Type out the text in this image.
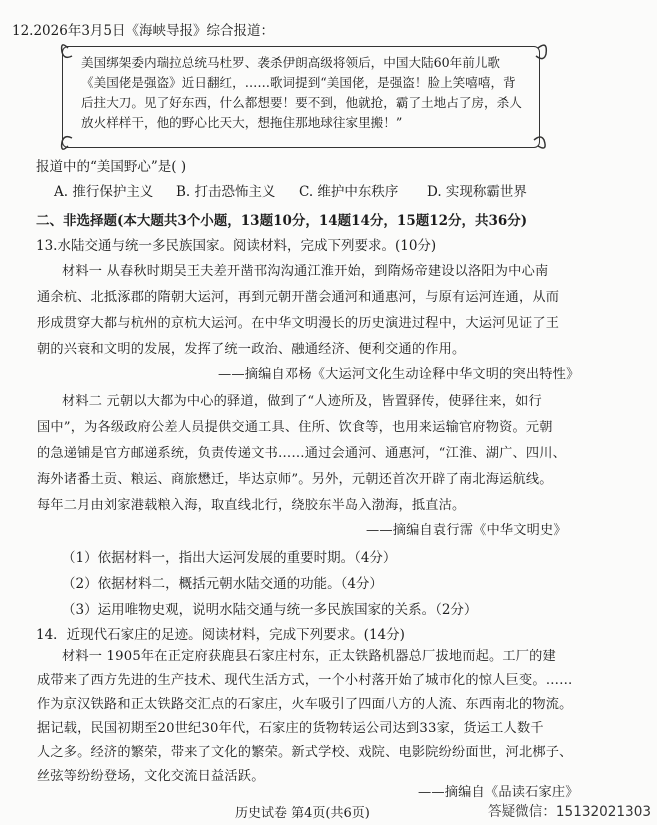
12.2026年3月5日《海峡导报》综合报道：
美国绑架委内瑞拉总统马杜罗、袭杀伊朗高级将领后，中国大陆60年前儿歌
《美国佬是强盗》近日翻红，……歌词提到“美国佬，是强盗！脸上笑嘻嘻，背
后拄大刀。见了好东西，什么都想要！要不到，他就抢，霸了土地占了房，杀人
放火样样干，他的野心比天大，想拖住那地球往家里搬！”
报道中的“美国野心”是( )
A. 推行保护主义 B. 打击恐怖主义 C. 维护中东秩序 D. 实现称霸世界
二、非选择题(本大题共3个小题，13题10分，14题14分，15题12分，共36分)
13.水陆交通与统一多民族国家。阅读材料，完成下列要求。(10分)
材料一 从春秋时期吴王夫差开凿邗沟沟通江淮开始，到隋炀帝建设以洛阳为中心南
通余杭、北抵涿郡的隋朝大运河，再到元朝开凿会通河和通惠河，与原有运河连通，从而
形成贯穿大都与杭州的京杭大运河。在中华文明漫长的历史演进过程中，大运河见证了王
朝的兴衰和文明的发展，发挥了统一政治、融通经济、便利交通的作用。
——摘编自邓杨《大运河文化生动诠释中华文明的突出特性》
材料二 元朝以大都为中心的驿道，做到了“人迹所及，皆置驿传，使驿往来，如行
国中”，为各级政府公差人员提供交通工具、住所、饮食等，也用来运输官府物资。元朝
的急递铺是官方邮递系统，负责传递文书……通过会通河、通惠河，“江淮、湖广、四川、
海外诸番土贡、粮运、商旅懋迁，毕达京师”。另外，元朝还首次开辟了南北海运航线。
每年二月由刘家港载粮入海，取直线北行，绕胶东半岛入渤海，抵直沽。
——摘编自袁行霈《中华文明史》
（1）依据材料一，指出大运河发展的重要时期。（4分）
（2）依据材料二，概括元朝水陆交通的功能。（4分）
（3）运用唯物史观，说明水陆交通与统一多民族国家的关系。（2分）
14．近现代石家庄的足迹。阅读材料，完成下列要求。(14分)
材料一 1905年在正定府获鹿县石家庄村东，正太铁路机器总厂拔地而起。工厂的建
成带来了西方先进的生产技术、现代生活方式，一个小村落开始了城市化的惊人巨变。……
作为京汉铁路和正太铁路交汇点的石家庄，火车吸引了四面八方的人流、东西南北的物流。
据记载，民国初期至20世纪30年代，石家庄的货物转运公司达到33家，货运工人数千
人之多。经济的繁荣，带来了文化的繁荣。新式学校、戏院、电影院纷纷面世，河北梆子、
丝弦等纷纷登场，文化交流日益活跃。
——摘编自《品读石家庄》
历史试卷 第4页(共6页)	答疑微信：15132021303
